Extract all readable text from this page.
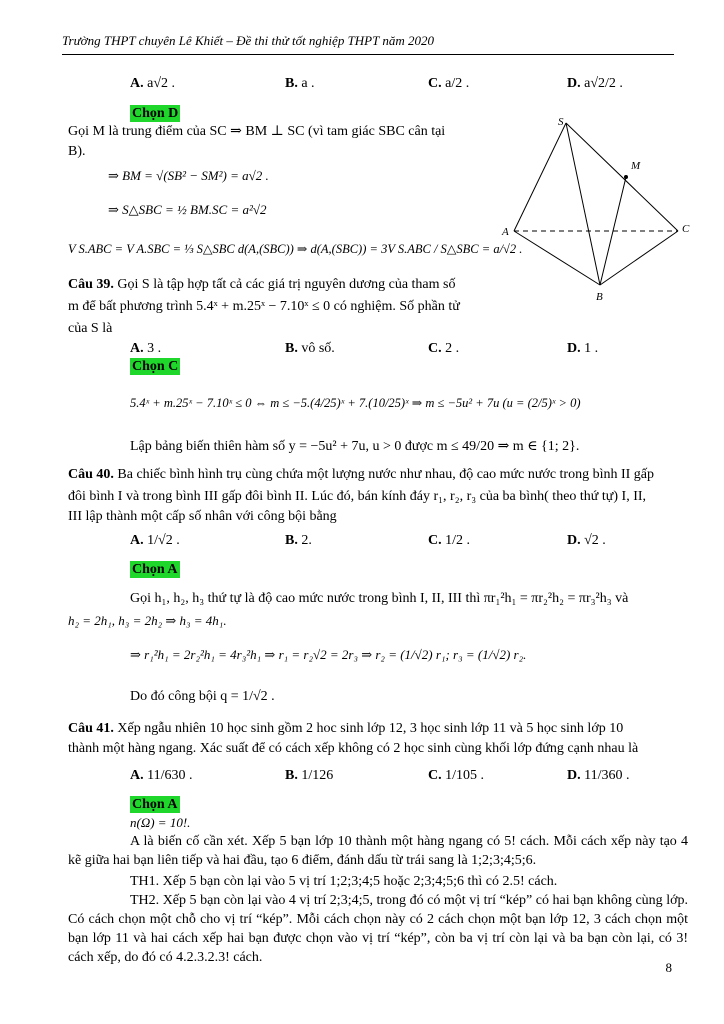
Trường THPT chuyên Lê Khiết – Đề thi thử tốt nghiệp THPT năm 2020
A. a√2 .	B. a .	C. a/2 .	D. a√2/2 .
Chọn D
Gọi M là trung điểm của SC ⇒ BM ⊥ SC (vì tam giác SBC cân tại
B).
⇒ BM = √(SB² − SM²) = a√2 .
⇒ S△SBC = ½ BM.SC = a²√2
V S.ABC = V A.SBC = ⅓ S△SBC d(A,(SBC)) ⇒ d(A,(SBC)) = 3V S.ABC / S△SBC = a/√2 .
S
M
A
B
C
Câu 39. Gọi S là tập hợp tất cả các giá trị nguyên dương của tham số
m để bất phương trình 5.4ˣ + m.25ˣ − 7.10ˣ ≤ 0 có nghiệm. Số phần tử
của S là
A. 3 .	B. vô số.	C. 2 .	D. 1 .
Chọn C
5.4ˣ + m.25ˣ − 7.10ˣ ≤ 0 ⇔ m ≤ −5.(4/25)ˣ + 7.(10/25)ˣ ⇒ m ≤ −5u² + 7u (u = (2/5)ˣ > 0)
Lập bảng biến thiên hàm số y = −5u² + 7u, u > 0 được m ≤ 49/20 ⇒ m ∈ {1; 2}.
Câu 40. Ba chiếc bình hình trụ cùng chứa một lượng nước như nhau, độ cao mức nước trong bình II gấp
đôi bình I và trong bình III gấp đôi bình II. Lúc đó, bán kính đáy r₁, r₂, r₃ của ba bình( theo thứ tự) I, II,
III lập thành một cấp số nhân với công bội bằng
A. 1/√2 .	B. 2.	C. 1/2 .	D. √2 .
Chọn A
Gọi h₁, h₂, h₃ thứ tự là độ cao mức nước trong bình I, II, III thì πr₁²h₁ = πr₂²h₂ = πr₃²h₃ và
h₂ = 2h₁, h₃ = 2h₂ ⇒ h₃ = 4h₁.
⇒ r₁²h₁ = 2r₂²h₁ = 4r₃²h₁ ⇒ r₁ = r₂√2 = 2r₃ ⇒ r₂ = (1/√2) r₁; r₃ = (1/√2) r₂.
Do đó công bội q = 1/√2 .
Câu 41. Xếp ngẫu nhiên 10 học sinh gồm 2 hoc sinh lớp 12, 3 học sinh lớp 11 và 5 học sinh lớp 10
thành một hàng ngang. Xác suất để có cách xếp không có 2 học sinh cùng khối lớp đứng cạnh nhau là
A. 11/630 .	B. 1/126	C. 1/105 .	D. 11/360 .
Chọn A
n(Ω) = 10!.
A là biến cố cần xét. Xếp 5 bạn lớp 10 thành một hàng ngang có 5! cách. Mỗi cách xếp này tạo 4 kẽ giữa hai bạn liên tiếp và hai đầu, tạo 6 điểm, đánh dấu từ trái sang là 1;2;3;4;5;6.
TH1. Xếp 5 bạn còn lại vào 5 vị trí 1;2;3;4;5 hoặc 2;3;4;5;6 thì có 2.5! cách.
TH2. Xếp 5 bạn còn lại vào 4 vị trí 2;3;4;5, trong đó có một vị trí “kép” có hai bạn không cùng lớp. Có cách chọn một chỗ cho vị trí “kép”. Mỗi cách chọn này có 2 cách chọn một bạn lớp 12, 3 cách chọn một bạn lớp 11 và hai cách xếp hai bạn được chọn vào vị trí “kép”, còn ba vị trí còn lại và ba bạn còn lại, có 3! cách xếp, do đó có 4.2.3.2.3! cách.
8
